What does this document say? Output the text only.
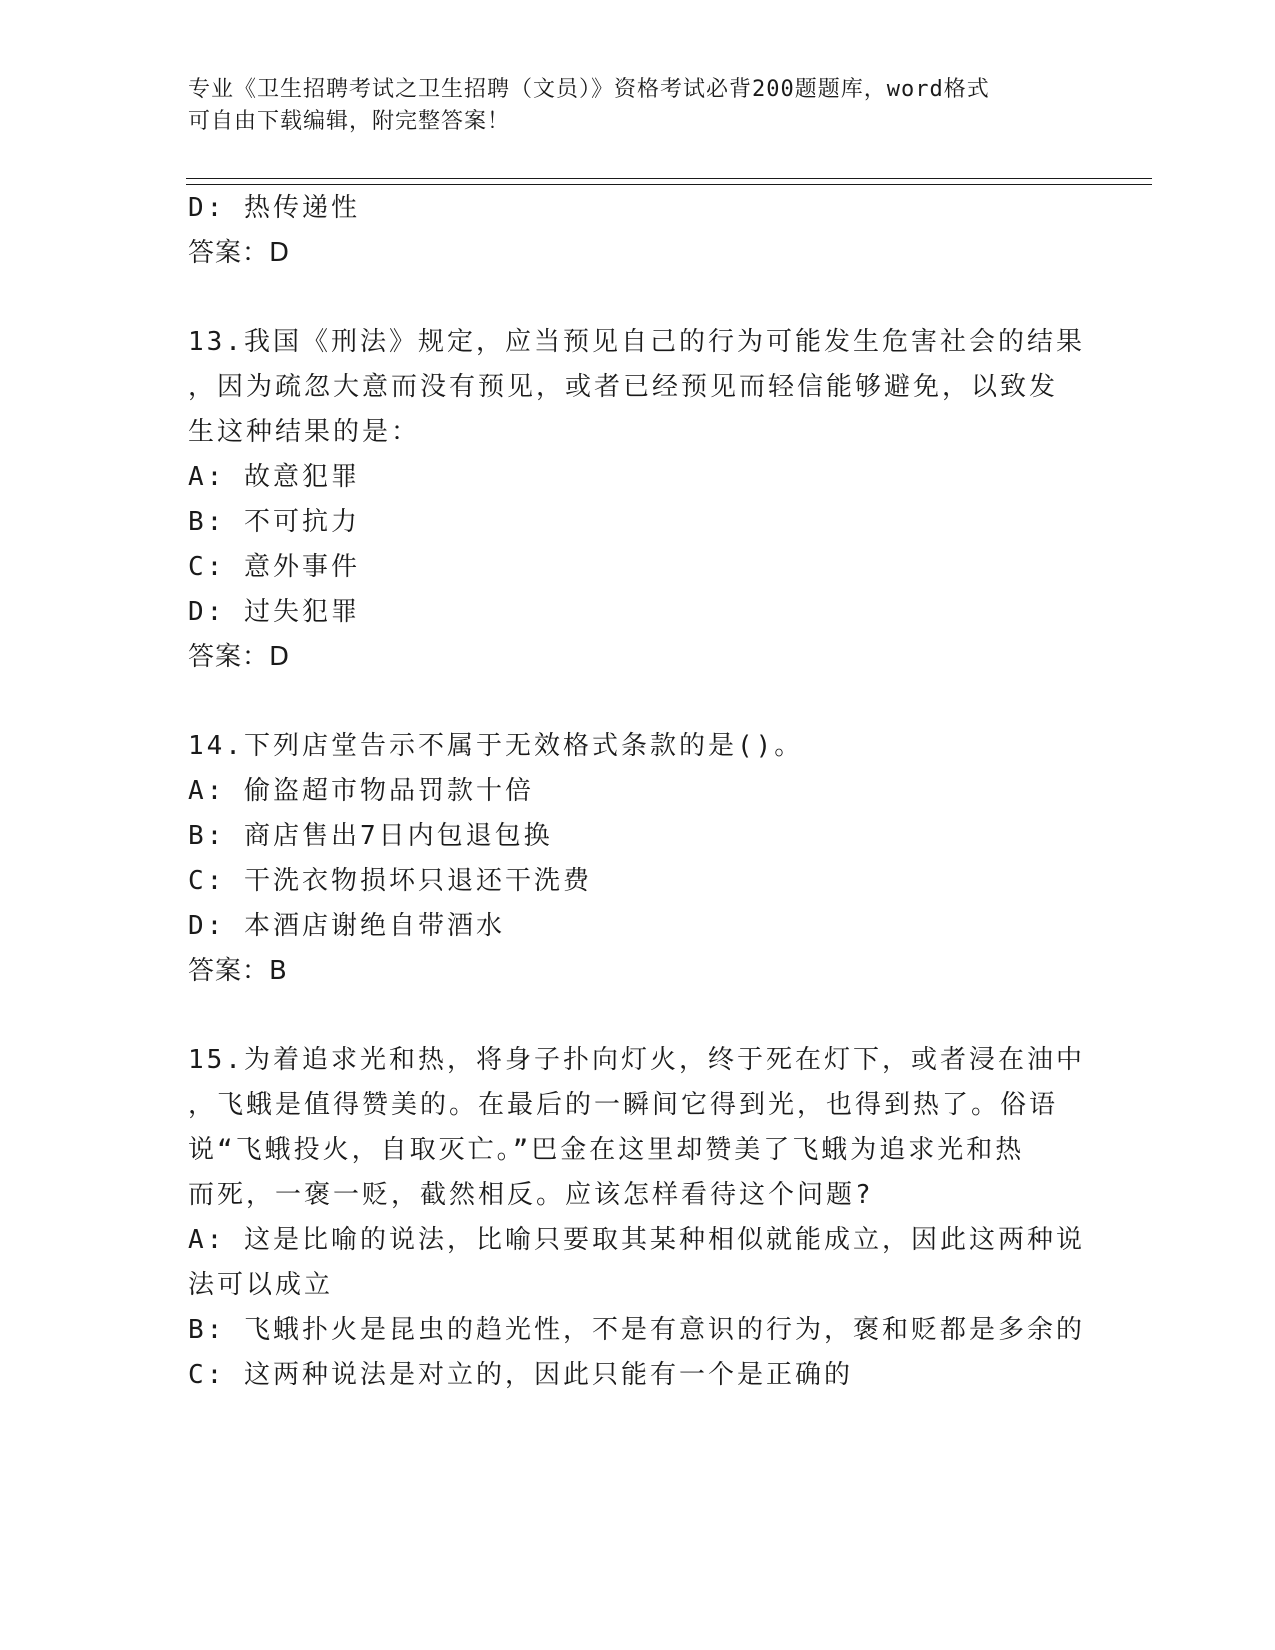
专业《卫生招聘考试之卫生招聘（文员）》资格考试必背200题题库，word格式
可自由下载编辑，附完整答案！
D: 热传递性
答案：D
13.我国《刑法》规定，应当预见自己的行为可能发生危害社会的结果
，因为疏忽大意而没有预见，或者已经预见而轻信能够避免，以致发
生这种结果的是：
A: 故意犯罪
B: 不可抗力
C: 意外事件
D: 过失犯罪
答案：D
14.下列店堂告示不属于无效格式条款的是()。
A: 偷盗超市物品罚款十倍
B: 商店售出7日内包退包换
C: 干洗衣物损坏只退还干洗费
D: 本酒店谢绝自带酒水
答案：B
15.为着追求光和热，将身子扑向灯火，终于死在灯下，或者浸在油中
，飞蛾是值得赞美的。在最后的一瞬间它得到光，也得到热了。俗语
说“飞蛾投火，自取灭亡。”巴金在这里却赞美了飞蛾为追求光和热
而死，一褒一贬，截然相反。应该怎样看待这个问题?
A: 这是比喻的说法，比喻只要取其某种相似就能成立，因此这两种说
法可以成立
B: 飞蛾扑火是昆虫的趋光性，不是有意识的行为，褒和贬都是多余的
C: 这两种说法是对立的，因此只能有一个是正确的
